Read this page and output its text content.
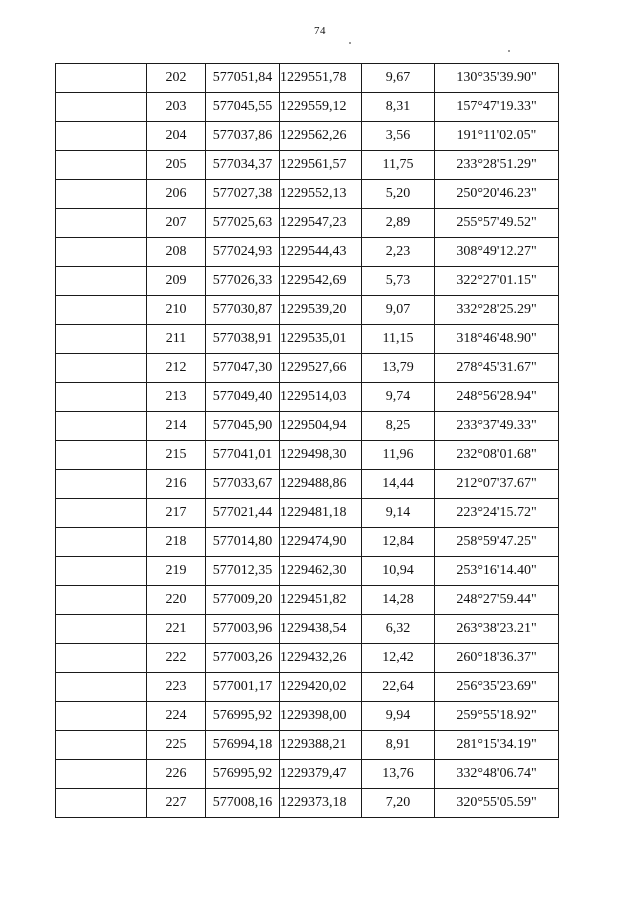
74
	202	577051,84	1229551,78	9,67	130°35'39.90"
	203	577045,55	1229559,12	8,31	157°47'19.33"
	204	577037,86	1229562,26	3,56	191°11'02.05"
	205	577034,37	1229561,57	11,75	233°28'51.29"
	206	577027,38	1229552,13	5,20	250°20'46.23"
	207	577025,63	1229547,23	2,89	255°57'49.52"
	208	577024,93	1229544,43	2,23	308°49'12.27"
	209	577026,33	1229542,69	5,73	322°27'01.15"
	210	577030,87	1229539,20	9,07	332°28'25.29"
	211	577038,91	1229535,01	11,15	318°46'48.90"
	212	577047,30	1229527,66	13,79	278°45'31.67"
	213	577049,40	1229514,03	9,74	248°56'28.94"
	214	577045,90	1229504,94	8,25	233°37'49.33"
	215	577041,01	1229498,30	11,96	232°08'01.68"
	216	577033,67	1229488,86	14,44	212°07'37.67"
	217	577021,44	1229481,18	9,14	223°24'15.72"
	218	577014,80	1229474,90	12,84	258°59'47.25"
	219	577012,35	1229462,30	10,94	253°16'14.40"
	220	577009,20	1229451,82	14,28	248°27'59.44"
	221	577003,96	1229438,54	6,32	263°38'23.21"
	222	577003,26	1229432,26	12,42	260°18'36.37"
	223	577001,17	1229420,02	22,64	256°35'23.69"
	224	576995,92	1229398,00	9,94	259°55'18.92"
	225	576994,18	1229388,21	8,91	281°15'34.19"
	226	576995,92	1229379,47	13,76	332°48'06.74"
	227	577008,16	1229373,18	7,20	320°55'05.59"
